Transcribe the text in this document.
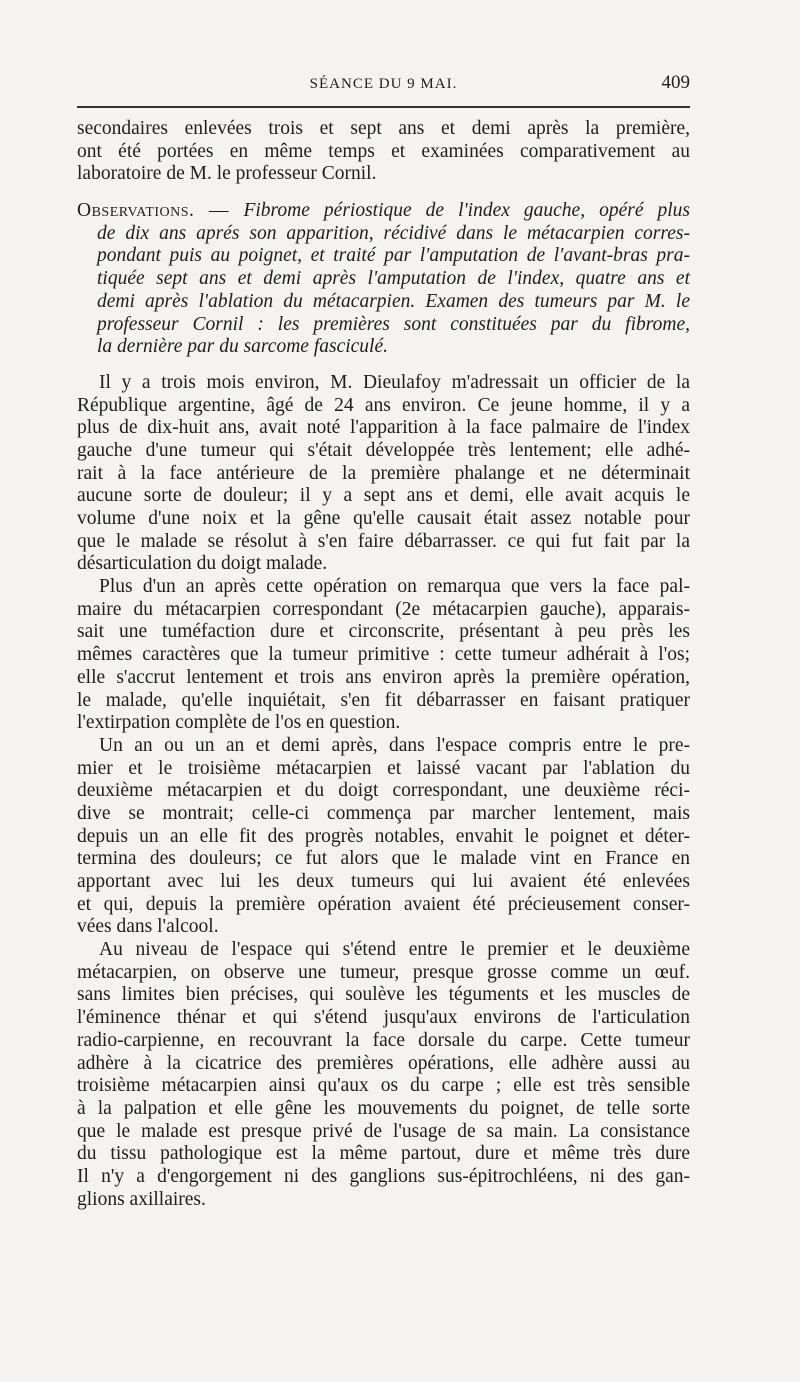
SÉANCE DU 9 MAI.	409
secondaires enlevées trois et sept ans et demi après la première,
ont été portées en même temps et examinées comparativement au
laboratoire de M. le professeur Cornil.
Observations. — Fibrome périostique de l'index gauche, opéré plus
de dix ans aprés son apparition, récidivé dans le métacarpien corres-
pondant puis au poignet, et traité par l'amputation de l'avant-bras pra-
tiquée sept ans et demi après l'amputation de l'index, quatre ans et
demi après l'ablation du métacarpien. Examen des tumeurs par M. le
professeur Cornil : les premières sont constituées par du fibrome,
la dernière par du sarcome fasciculé.
Il y a trois mois environ, M. Dieulafoy m'adressait un officier de la
République argentine, âgé de 24 ans environ. Ce jeune homme, il y a
plus de dix-huit ans, avait noté l'apparition à la face palmaire de l'index
gauche d'une tumeur qui s'était développée très lentement; elle adhé-
rait à la face antérieure de la première phalange et ne déterminait
aucune sorte de douleur; il y a sept ans et demi, elle avait acquis le
volume d'une noix et la gêne qu'elle causait était assez notable pour
que le malade se résolut à s'en faire débarrasser. ce qui fut fait par la
désarticulation du doigt malade.
Plus d'un an après cette opération on remarqua que vers la face pal-
maire du métacarpien correspondant (2e métacarpien gauche), apparais-
sait une tuméfaction dure et circonscrite, présentant à peu près les
mêmes caractères que la tumeur primitive : cette tumeur adhérait à l'os;
elle s'accrut lentement et trois ans environ après la première opération,
le malade, qu'elle inquiétait, s'en fit débarrasser en faisant pratiquer
l'extirpation complète de l'os en question.
Un an ou un an et demi après, dans l'espace compris entre le pre-
mier et le troisième métacarpien et laissé vacant par l'ablation du
deuxième métacarpien et du doigt correspondant, une deuxième réci-
dive se montrait; celle-ci commença par marcher lentement, mais
depuis un an elle fit des progrès notables, envahit le poignet et déter-
termina des douleurs; ce fut alors que le malade vint en France en
apportant avec lui les deux tumeurs qui lui avaient été enlevées
et qui, depuis la première opération avaient été précieusement conser-
vées dans l'alcool.
Au niveau de l'espace qui s'étend entre le premier et le deuxième
métacarpien, on observe une tumeur, presque grosse comme un œuf.
sans limites bien précises, qui soulève les téguments et les muscles de
l'éminence thénar et qui s'étend jusqu'aux environs de l'articulation
radio-carpienne, en recouvrant la face dorsale du carpe. Cette tumeur
adhère à la cicatrice des premières opérations, elle adhère aussi au
troisième métacarpien ainsi qu'aux os du carpe ; elle est très sensible
à la palpation et elle gêne les mouvements du poignet, de telle sorte
que le malade est presque privé de l'usage de sa main. La consistance
du tissu pathologique est la même partout, dure et même très dure
Il n'y a d'engorgement ni des ganglions sus-épitrochléens, ni des gan-
glions axillaires.
